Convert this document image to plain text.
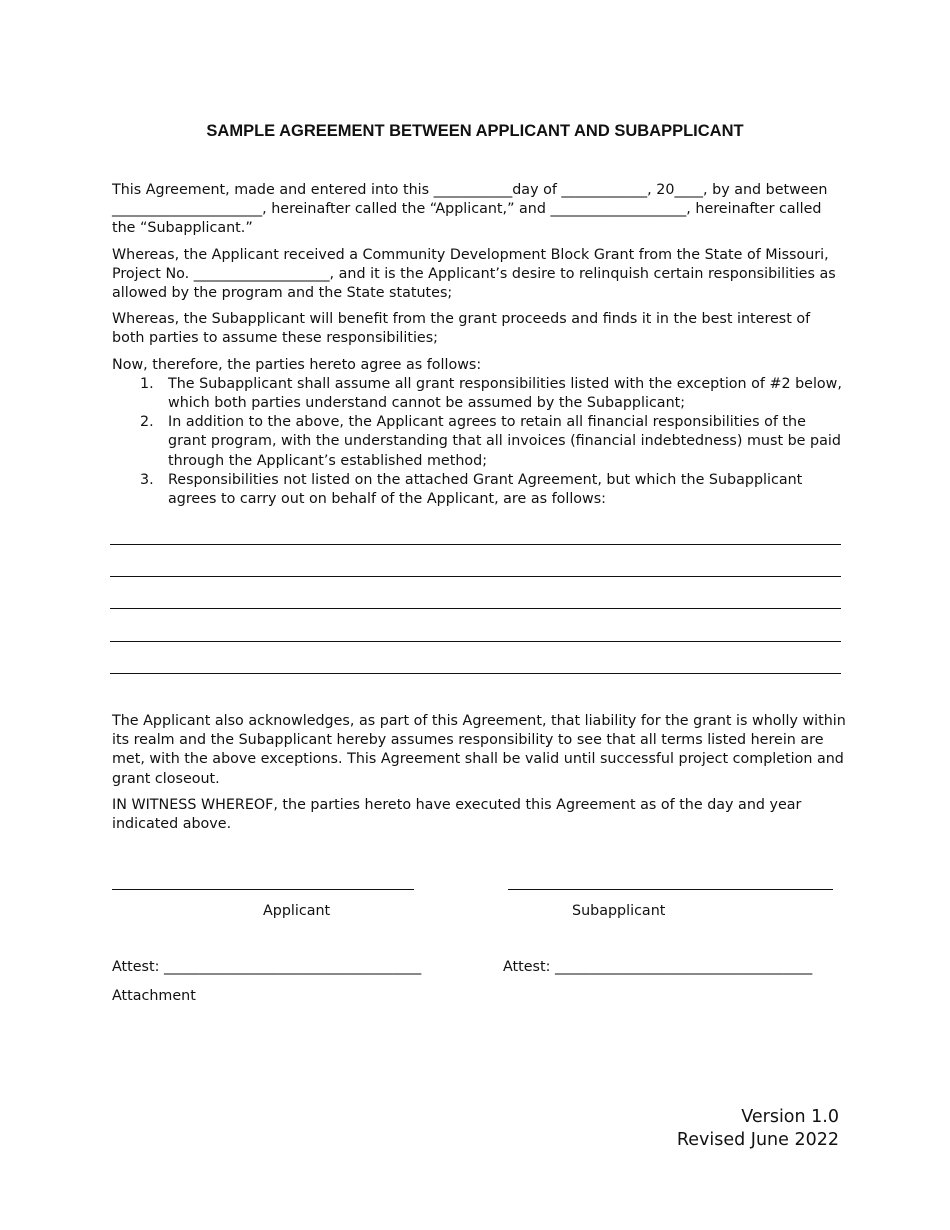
SAMPLE AGREEMENT BETWEEN APPLICANT AND SUBAPPLICANT

This Agreement, made and entered into this ___________day of ____________, 20____, by and between _____________________, hereinafter called the “Applicant,” and ___________________, hereinafter called the “Subapplicant.”

Whereas, the Applicant received a Community Development Block Grant from the State of Missouri, Project No. ___________________, and it is the Applicant’s desire to relinquish certain responsibilities as allowed by the program and the State statutes;

Whereas, the Subapplicant will benefit from the grant proceeds and finds it in the best interest of both parties to assume these responsibilities;

Now, therefore, the parties hereto agree as follows:

1. The Subapplicant shall assume all grant responsibilities listed with the exception of #2 below, which both parties understand cannot be assumed by the Subapplicant;
2. In addition to the above, the Applicant agrees to retain all financial responsibilities of the grant program, with the understanding that all invoices (financial indebtedness) must be paid through the Applicant’s established method;
3. Responsibilities not listed on the attached Grant Agreement, but which the Subapplicant agrees to carry out on behalf of the Applicant, are as follows:

The Applicant also acknowledges, as part of this Agreement, that liability for the grant is wholly within its realm and the Subapplicant hereby assumes responsibility to see that all terms listed herein are met, with the above exceptions. This Agreement shall be valid until successful project completion and grant closeout.

IN WITNESS WHEREOF, the parties hereto have executed this Agreement as of the day and year indicated above.

Applicant	Subapplicant
Attest: ____________________________________	Attest: ____________________________________
Attachment
Version 1.0
Revised June 2022
